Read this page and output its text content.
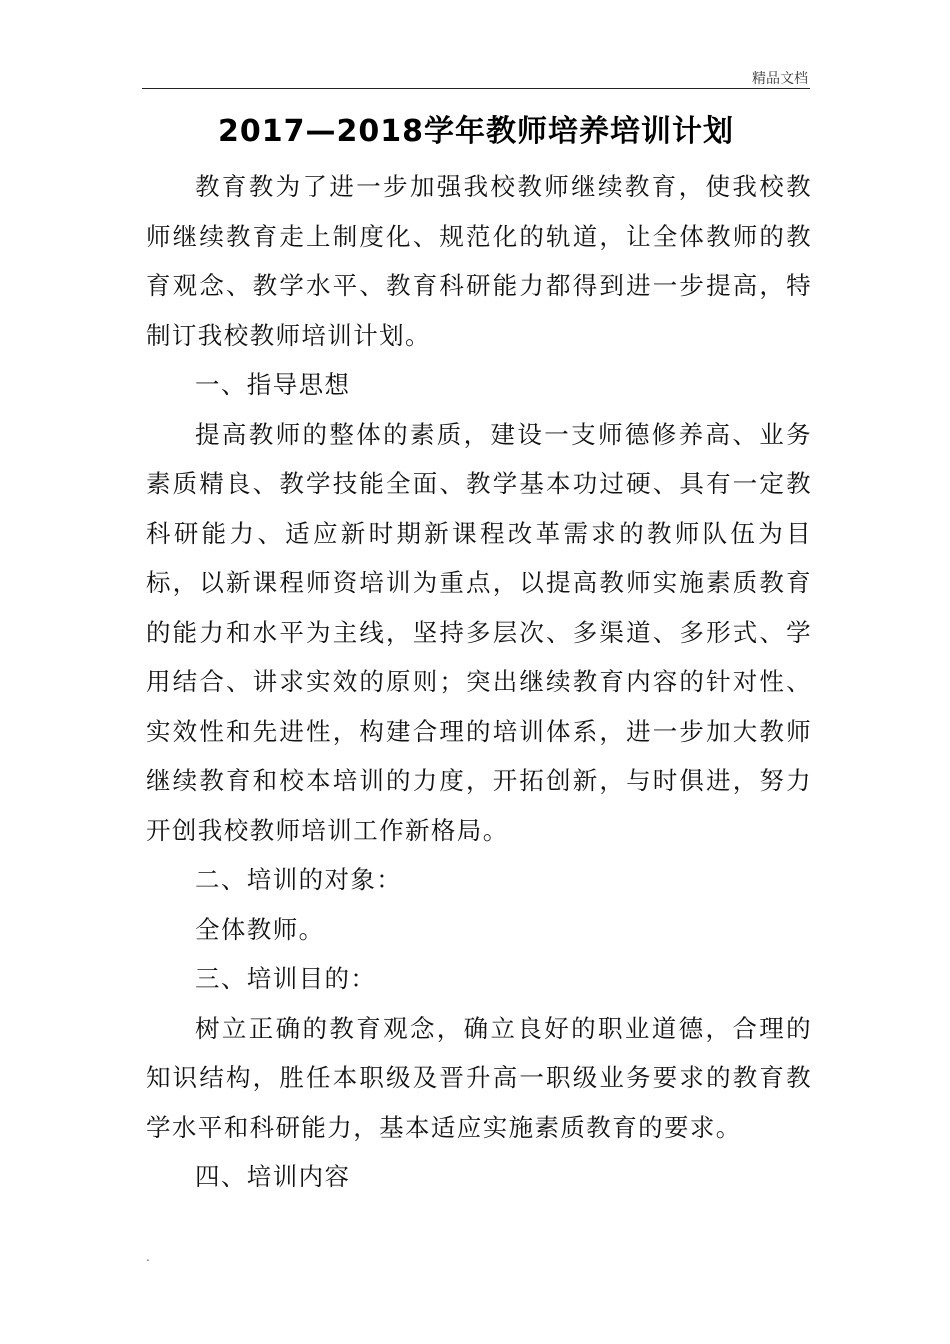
精品文档
2017—2018学年教师培养培训计划

教育教为了进一步加强我校教师继续教育，使我校教师继续教育走上制度化、规范化的轨道，让全体教师的教育观念、教学水平、教育科研能力都得到进一步提高，特制订我校教师培训计划。

一、指导思想

提高教师的整体的素质，建设一支师德修养高、业务素质精良、教学技能全面、教学基本功过硬、具有一定教科研能力、适应新时期新课程改革需求的教师队伍为目标，以新课程师资培训为重点，以提高教师实施素质教育的能力和水平为主线，坚持多层次、多渠道、多形式、学用结合、讲求实效的原则；突出继续教育内容的针对性、实效性和先进性，构建合理的培训体系，进一步加大教师继续教育和校本培训的力度，开拓创新，与时俱进，努力开创我校教师培训工作新格局。

二、培训的对象：

全体教师。

三、培训目的：

树立正确的教育观念，确立良好的职业道德，合理的知识结构，胜任本职级及晋升高一职级业务要求的教育教学水平和科研能力，基本适应实施素质教育的要求。

四、培训内容

.
